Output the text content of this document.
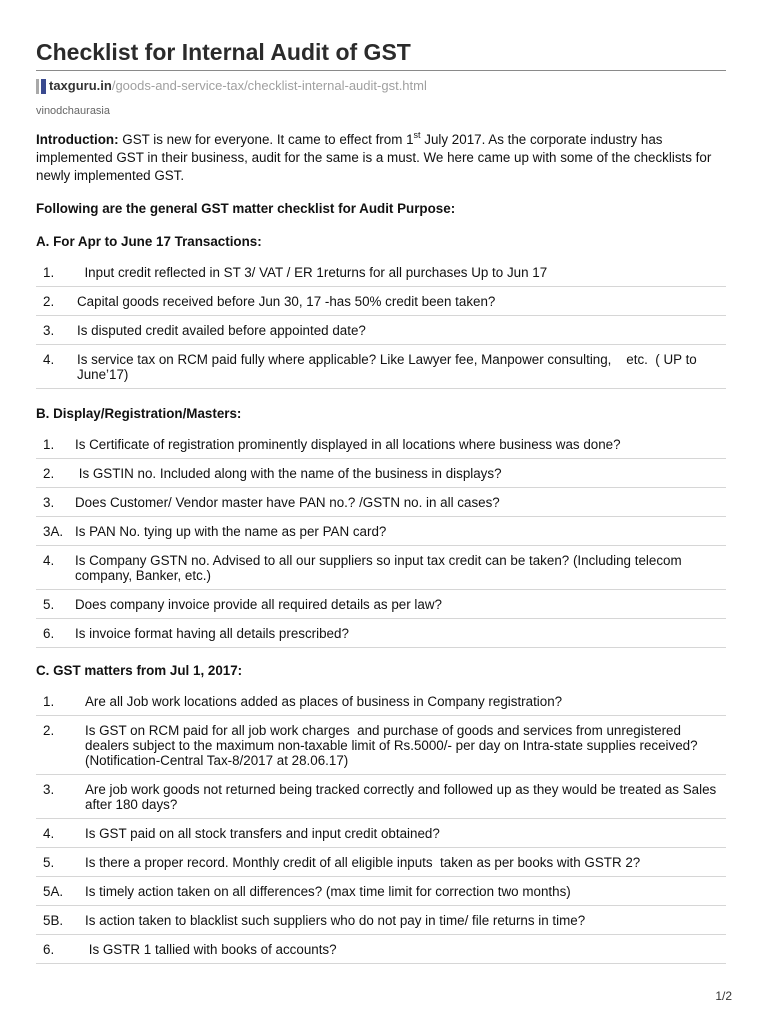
Checklist for Internal Audit of GST
taxguru.in /goods-and-service-tax/checklist-internal-audit-gst.html
vinodchaurasia
Introduction: GST is new for everyone. It came to effect from 1st July 2017. As the corporate industry has implemented GST in their business, audit for the same is a must. We here came up with some of the checklists for newly implemented GST.
Following are the general GST matter checklist for Audit Purpose:
A. For Apr to June 17 Transactions:
1.	Input credit reflected in ST 3/ VAT / ER 1returns for all purchases Up to Jun 17
2.	Capital goods received before Jun 30, 17 -has 50% credit been taken?
3.	Is disputed credit availed before appointed date?
4.	Is service tax on RCM paid fully where applicable? Like Lawyer fee, Manpower consulting,    etc.  ( UP to June’17)
B. Display/Registration/Masters:
1.	Is Certificate of registration prominently displayed in all locations where business was done?
2.	Is GSTIN no. Included along with the name of the business in displays?
3.	Does Customer/ Vendor master have PAN no.? /GSTN no. in all cases?
3A. Is PAN No. tying up with the name as per PAN card?
4.	Is Company GSTN no. Advised to all our suppliers so input tax credit can be taken? (Including telecom company, Banker, etc.)
5.	Does company invoice provide all required details as per law?
6.	Is invoice format having all details prescribed?
C. GST matters from Jul 1, 2017:
1.	Are all Job work locations added as places of business in Company registration?
2.	Is GST on RCM paid for all job work charges  and purchase of goods and services from unregistered dealers subject to the maximum non-taxable limit of Rs.5000/- per day on Intra-state supplies received? (Notification-Central Tax-8/2017 at 28.06.17)
3.	Are job work goods not returned being tracked correctly and followed up as they would be treated as Sales after 180 days?
4.	Is GST paid on all stock transfers and input credit obtained?
5.	Is there a proper record. Monthly credit of all eligible inputs  taken as per books with GSTR 2?
5A.	Is timely action taken on all differences? (max time limit for correction two months)
5B.	Is action taken to blacklist such suppliers who do not pay in time/ file returns in time?
6.	Is GSTR 1 tallied with books of accounts?
1/2
